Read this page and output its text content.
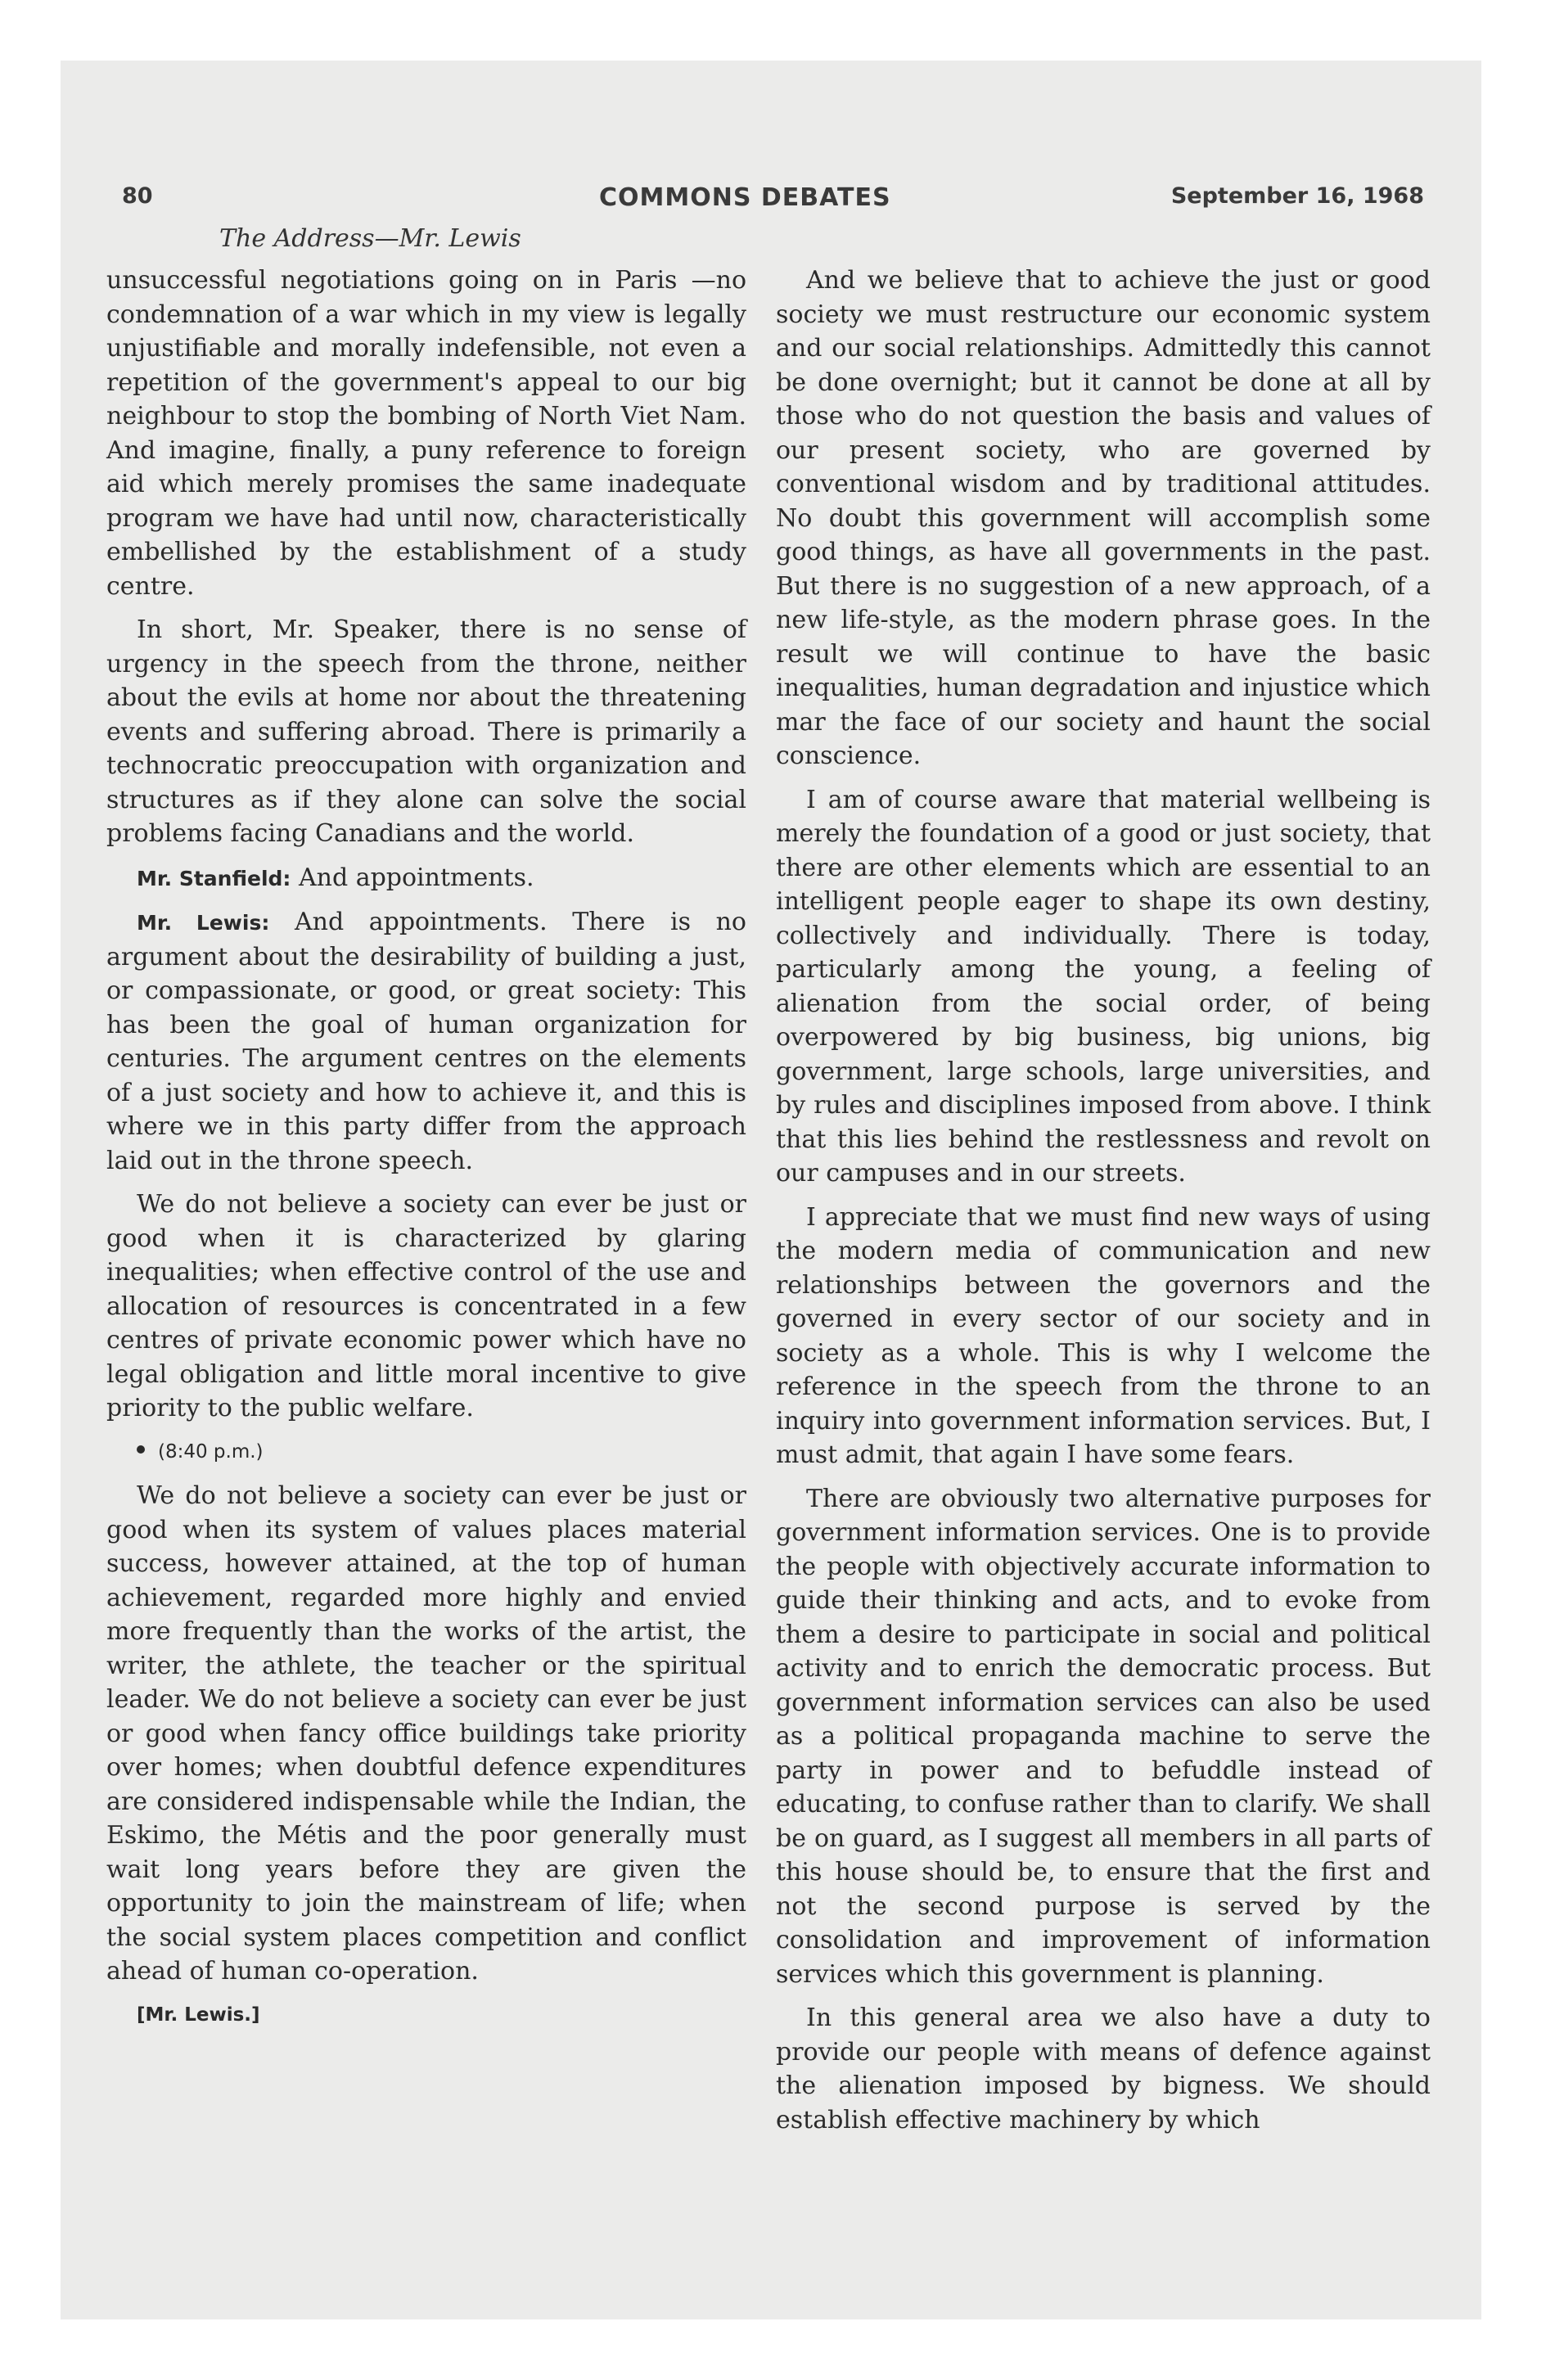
80	COMMONS DEBATES	September 16, 1968
The Address—Mr. Lewis

unsuccessful negotiations going on in Paris —no condemnation of a war which in my view is legally unjustifiable and morally indefensible, not even a repetition of the government's appeal to our big neighbour to stop the bombing of North Viet Nam. And imagine, finally, a puny reference to foreign aid which merely promises the same inadequate program we have had until now, characteristically embellished by the establishment of a study centre.

In short, Mr. Speaker, there is no sense of urgency in the speech from the throne, neither about the evils at home nor about the threatening events and suffering abroad. There is primarily a technocratic preoccupation with organization and structures as if they alone can solve the social problems facing Canadians and the world.

Mr. Stanfield: And appointments.

Mr. Lewis: And appointments. There is no argument about the desirability of building a just, or compassionate, or good, or great society: This has been the goal of human organization for centuries. The argument centres on the elements of a just society and how to achieve it, and this is where we in this party differ from the approach laid out in the throne speech.

We do not believe a society can ever be just or good when it is characterized by glaring inequalities; when effective control of the use and allocation of resources is concentrated in a few centres of private economic power which have no legal obligation and little moral incentive to give priority to the public welfare.

(8:40 p.m.)

We do not believe a society can ever be just or good when its system of values places material success, however attained, at the top of human achievement, regarded more highly and envied more frequently than the works of the artist, the writer, the athlete, the teacher or the spiritual leader. We do not believe a society can ever be just or good when fancy office buildings take priority over homes; when doubtful defence expenditures are considered indispensable while the Indian, the Eskimo, the Métis and the poor generally must wait long years before they are given the opportunity to join the mainstream of life; when the social system places competition and conflict ahead of human co-operation.

[Mr. Lewis.]

And we believe that to achieve the just or good society we must restructure our economic system and our social relationships. Admittedly this cannot be done overnight; but it cannot be done at all by those who do not question the basis and values of our present society, who are governed by conventional wisdom and by traditional attitudes. No doubt this government will accomplish some good things, as have all governments in the past. But there is no suggestion of a new approach, of a new life-style, as the modern phrase goes. In the result we will continue to have the basic inequalities, human degradation and injustice which mar the face of our society and haunt the social conscience.

I am of course aware that material wellbeing is merely the foundation of a good or just society, that there are other elements which are essential to an intelligent people eager to shape its own destiny, collectively and individually. There is today, particularly among the young, a feeling of alienation from the social order, of being overpowered by big business, big unions, big government, large schools, large universities, and by rules and disciplines imposed from above. I think that this lies behind the restlessness and revolt on our campuses and in our streets.

I appreciate that we must find new ways of using the modern media of communication and new relationships between the governors and the governed in every sector of our society and in society as a whole. This is why I welcome the reference in the speech from the throne to an inquiry into government information services. But, I must admit, that again I have some fears.

There are obviously two alternative purposes for government information services. One is to provide the people with objectively accurate information to guide their thinking and acts, and to evoke from them a desire to participate in social and political activity and to enrich the democratic process. But government information services can also be used as a political propaganda machine to serve the party in power and to befuddle instead of educating, to confuse rather than to clarify. We shall be on guard, as I suggest all members in all parts of this house should be, to ensure that the first and not the second purpose is served by the consolidation and improvement of information services which this government is planning.

In this general area we also have a duty to provide our people with means of defence against the alienation imposed by bigness. We should establish effective machinery by which
